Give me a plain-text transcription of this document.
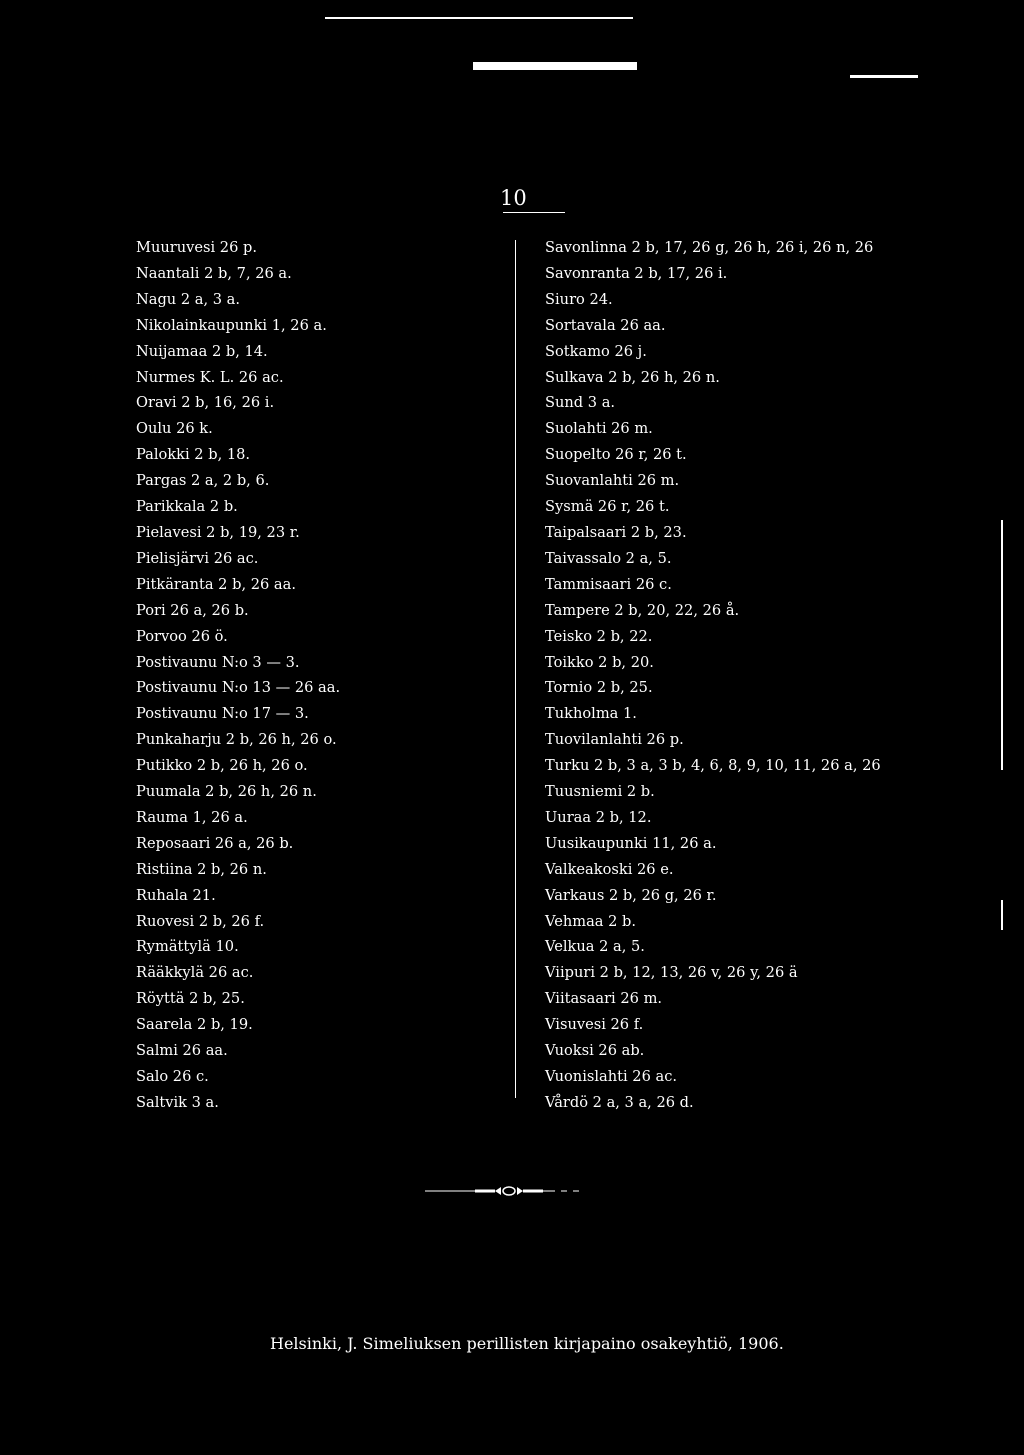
10
Muuruvesi 26 p.
Naantali 2 b, 7, 26 a.
Nagu 2 a, 3 a.
Nikolainkaupunki 1, 26 a.
Nuijamaa 2 b, 14.
Nurmes K. L. 26 ac.
Oravi 2 b, 16, 26 i.
Oulu 26 k.
Palokki 2 b, 18.
Pargas 2 a, 2 b, 6.
Parikkala 2 b.
Pielavesi 2 b, 19, 23 r.
Pielisjärvi 26 ac.
Pitkäranta 2 b, 26 aa.
Pori 26 a, 26 b.
Porvoo 26 ö.
Postivaunu N:o 3 — 3.
Postivaunu N:o 13 — 26 aa.
Postivaunu N:o 17 — 3.
Punkaharju 2 b, 26 h, 26 o.
Putikko 2 b, 26 h, 26 o.
Puumala 2 b, 26 h, 26 n.
Rauma 1, 26 a.
Reposaari 26 a, 26 b.
Ristiina 2 b, 26 n.
Ruhala 21.
Ruovesi 2 b, 26 f.
Rymättylä 10.
Rääkkylä 26 ac.
Röyttä 2 b, 25.
Saarela 2 b, 19.
Salmi 26 aa.
Salo 26 c.
Saltvik 3 a.
Savonlinna 2 b, 17, 26 g, 26 h, 26 i, 26 n, 26
Savonranta 2 b, 17, 26 i.
Siuro 24.
Sortavala 26 aa.
Sotkamo 26 j.
Sulkava 2 b, 26 h, 26 n.
Sund 3 a.
Suolahti 26 m.
Suopelto 26 r, 26 t.
Suovanlahti 26 m.
Sysmä 26 r, 26 t.
Taipalsaari 2 b, 23.
Taivassalo 2 a, 5.
Tammisaari 26 c.
Tampere 2 b, 20, 22, 26 å.
Teisko 2 b, 22.
Toikko 2 b, 20.
Tornio 2 b, 25.
Tukholma 1.
Tuovilanlahti 26 p.
Turku 2 b, 3 a, 3 b, 4, 6, 8, 9, 10, 11, 26 a, 26
Tuusniemi 2 b.
Uuraa 2 b, 12.
Uusikaupunki 11, 26 a.
Valkeakoski 26 e.
Varkaus 2 b, 26 g, 26 r.
Vehmaa 2 b.
Velkua 2 a, 5.
Viipuri 2 b, 12, 13, 26 v, 26 y, 26 ä
Viitasaari 26 m.
Visuvesi 26 f.
Vuoksi 26 ab.
Vuonislahti 26 ac.
Vårdö 2 a, 3 a, 26 d.
Helsinki, J. Simeliuksen perillisten kirjapaino osakeyhtiö, 1906.
